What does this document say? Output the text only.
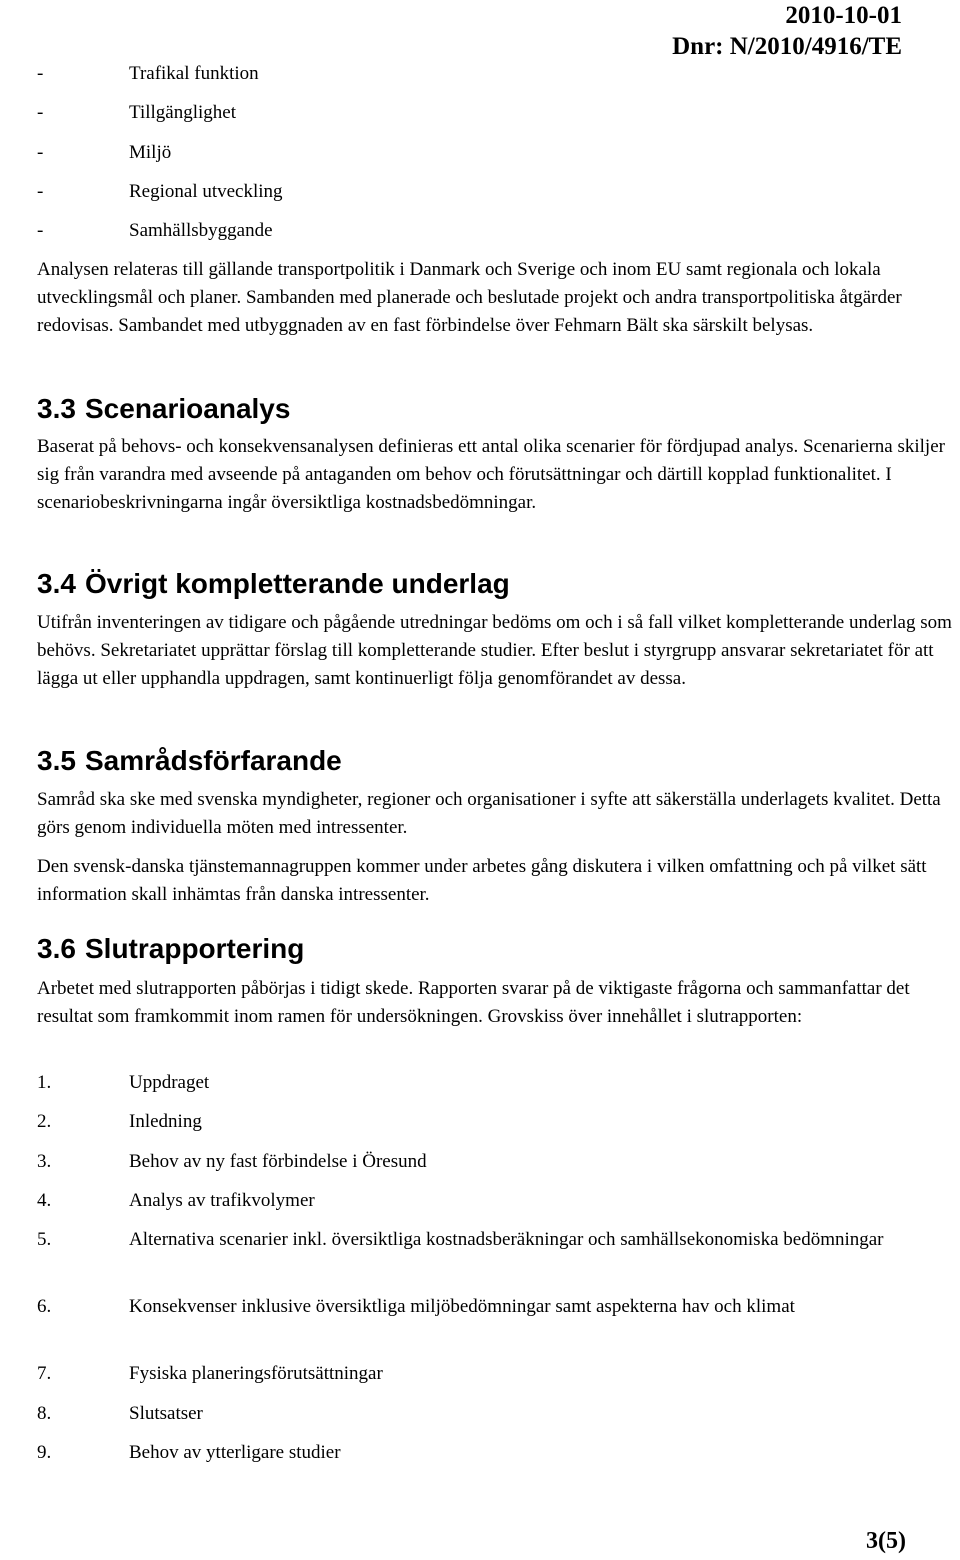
2010-10-01
Dnr: N/2010/4916/TE
-	Trafikal funktion
-	Tillgänglighet
-	Miljö
-	Regional utveckling
-	Samhällsbyggande

Analysen relateras till gällande transportpolitik i Danmark och Sverige och inom EU samt regionala och lokala utvecklingsmål och planer. Sambanden med planerade och beslutade projekt och andra transportpolitiska åtgärder redovisas. Sambandet med utbyggnaden av en fast förbindelse över Fehmarn Bält ska särskilt belysas.

3.3 Scenarioanalys

Baserat på behovs- och konsekvensanalysen definieras ett antal olika scenarier för fördjupad analys. Scenarierna skiljer sig från varandra med avseende på antaganden om behov och förutsättningar och därtill kopplad funktionalitet. I scenariobeskrivningarna ingår översiktliga kostnadsbedömningar.

3.4 Övrigt kompletterande underlag

Utifrån inventeringen av tidigare och pågående utredningar bedöms om och i så fall vilket kompletterande underlag som behövs. Sekretariatet upprättar förslag till kompletterande studier. Efter beslut i styrgrupp ansvarar sekretariatet för att lägga ut eller upphandla uppdragen, samt kontinuerligt följa genomförandet av dessa.

3.5 Samrådsförfarande

Samråd ska ske med svenska myndigheter, regioner och organisationer i syfte att säkerställa underlagets kvalitet. Detta görs genom individuella möten med intressenter.

Den svensk-danska tjänstemannagruppen kommer under arbetes gång diskutera i vilken omfattning och på vilket sätt information skall inhämtas från danska intressenter.

3.6 Slutrapportering

Arbetet med slutrapporten påbörjas i tidigt skede. Rapporten svarar på de viktigaste frågorna och sammanfattar det resultat som framkommit inom ramen för undersökningen. Grovskiss över innehållet i slutrapporten:

1.	Uppdraget
2.	Inledning
3.	Behov av ny fast förbindelse i Öresund
4.	Analys av trafikvolymer
5.	Alternativa scenarier inkl. översiktliga kostnadsberäkningar och samhällsekonomiska bedömningar
6.	Konsekvenser inklusive översiktliga miljöbedömningar samt aspekterna hav och klimat
7.	Fysiska planeringsförutsättningar
8.	Slutsatser
9.	Behov av ytterligare studier
3(5)
